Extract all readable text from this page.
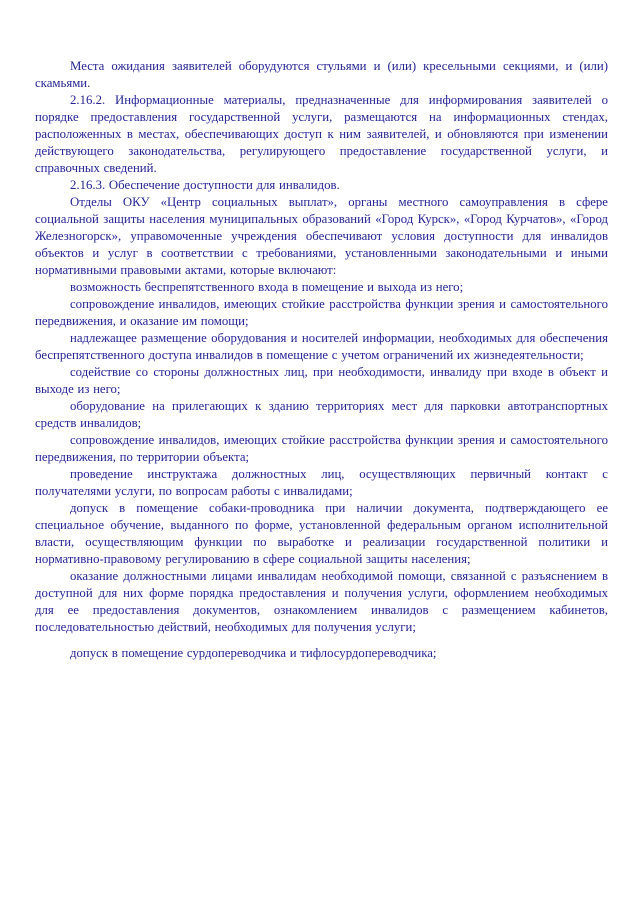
Места ожидания заявителей оборудуются стульями и (или) кресельными секциями, и (или) скамьями.

2.16.2. Информационные материалы, предназначенные для информирования заявителей о порядке предоставления государственной услуги, размещаются на информационных стендах, расположенных в местах, обеспечивающих доступ к ним заявителей, и обновляются при изменении действующего законодательства, регулирующего предоставление государственной услуги, и справочных сведений.

2.16.3. Обеспечение доступности для инвалидов.

Отделы ОКУ «Центр социальных выплат», органы местного самоуправления в сфере социальной защиты населения муниципальных образований «Город Курск», «Город Курчатов», «Город Железногорск», управомоченные учреждения обеспечивают условия доступности для инвалидов объектов и услуг в соответствии с требованиями, установленными законодательными и иными нормативными правовыми актами, которые включают:

возможность беспрепятственного входа в помещение и выхода из него;

сопровождение инвалидов, имеющих стойкие расстройства функции зрения и самостоятельного передвижения, и оказание им помощи;

надлежащее размещение оборудования и носителей информации, необходимых для обеспечения беспрепятственного доступа инвалидов в помещение с учетом ограничений их жизнедеятельности;

содействие со стороны должностных лиц, при необходимости, инвалиду при входе в объект и выходе из него;

оборудование на прилегающих к зданию территориях мест для парковки автотранспортных средств инвалидов;

сопровождение инвалидов, имеющих стойкие расстройства функции зрения и самостоятельного передвижения, по территории объекта;

проведение инструктажа должностных лиц, осуществляющих первичный контакт с получателями услуги, по вопросам работы с инвалидами;

допуск в помещение собаки-проводника при наличии документа, подтверждающего ее специальное обучение, выданного по форме, установленной федеральным органом исполнительной власти, осуществляющим функции по выработке и реализации государственной политики и нормативно-правовому регулированию в сфере социальной защиты населения;

оказание должностными лицами инвалидам необходимой помощи, связанной с разъяснением в доступной для них форме порядка предоставления и получения услуги, оформлением необходимых для ее предоставления документов, ознакомлением инвалидов с размещением кабинетов, последовательностью действий, необходимых для получения услуги;

допуск в помещение сурдопереводчика и тифлосурдопереводчика;
